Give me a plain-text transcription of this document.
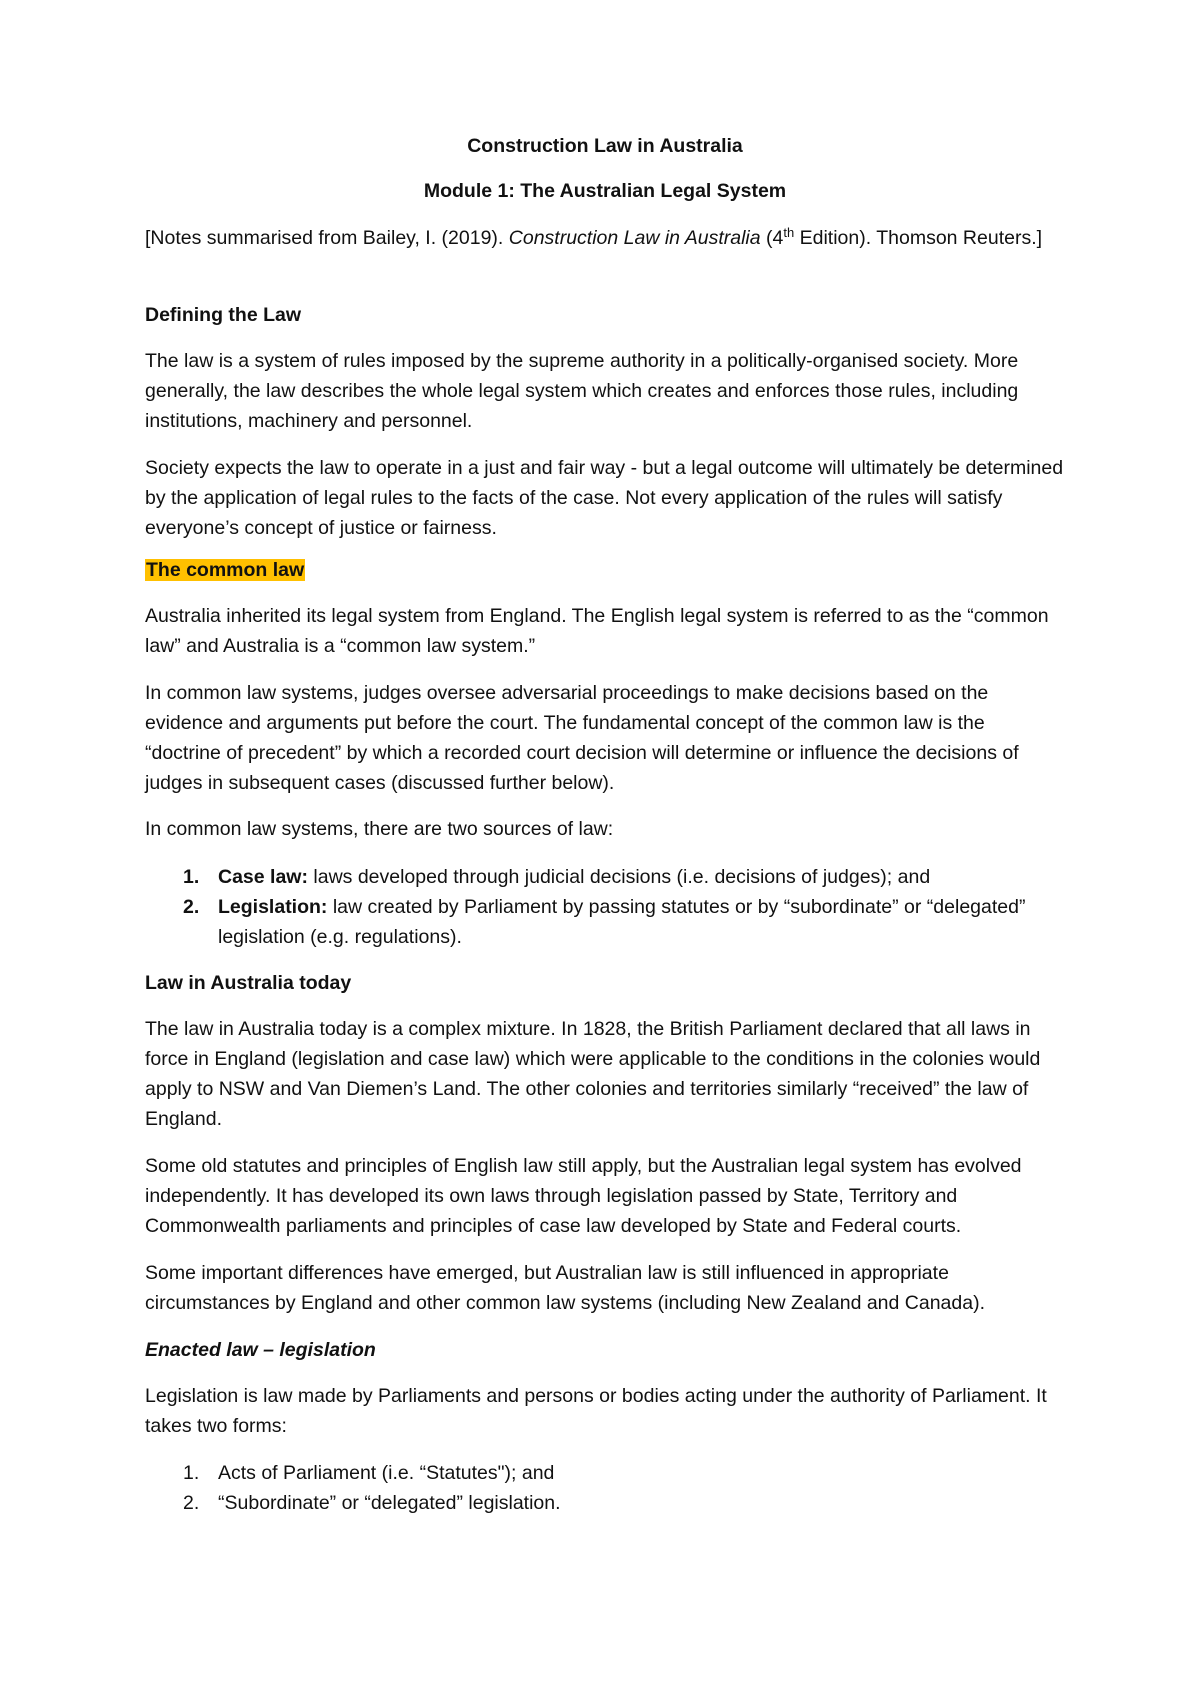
Construction Law in Australia

Module 1: The Australian Legal System

[Notes summarised from Bailey, I. (2019). Construction Law in Australia (4th Edition). Thomson Reuters.]

Defining the Law

The law is a system of rules imposed by the supreme authority in a politically-organised society. More generally, the law describes the whole legal system which creates and enforces those rules, including institutions, machinery and personnel.

Society expects the law to operate in a just and fair way - but a legal outcome will ultimately be determined by the application of legal rules to the facts of the case. Not every application of the rules will satisfy everyone’s concept of justice or fairness.

The common law

Australia inherited its legal system from England. The English legal system is referred to as the “common law” and Australia is a “common law system.”

In common law systems, judges oversee adversarial proceedings to make decisions based on the evidence and arguments put before the court. The fundamental concept of the common law is the “doctrine of precedent” by which a recorded court decision will determine or influence the decisions of judges in subsequent cases (discussed further below).

In common law systems, there are two sources of law:

1. Case law: laws developed through judicial decisions (i.e. decisions of judges); and
2. Legislation: law created by Parliament by passing statutes or by “subordinate” or “delegated” legislation (e.g. regulations).

Law in Australia today

The law in Australia today is a complex mixture. In 1828, the British Parliament declared that all laws in force in England (legislation and case law) which were applicable to the conditions in the colonies would apply to NSW and Van Diemen’s Land. The other colonies and territories similarly “received” the law of England.

Some old statutes and principles of English law still apply, but the Australian legal system has evolved independently. It has developed its own laws through legislation passed by State, Territory and Commonwealth parliaments and principles of case law developed by State and Federal courts.

Some important differences have emerged, but Australian law is still influenced in appropriate circumstances by England and other common law systems (including New Zealand and Canada).

Enacted law – legislation

Legislation is law made by Parliaments and persons or bodies acting under the authority of Parliament. It takes two forms:

1. Acts of Parliament (i.e. “Statutes"); and
2. “Subordinate” or “delegated” legislation.
